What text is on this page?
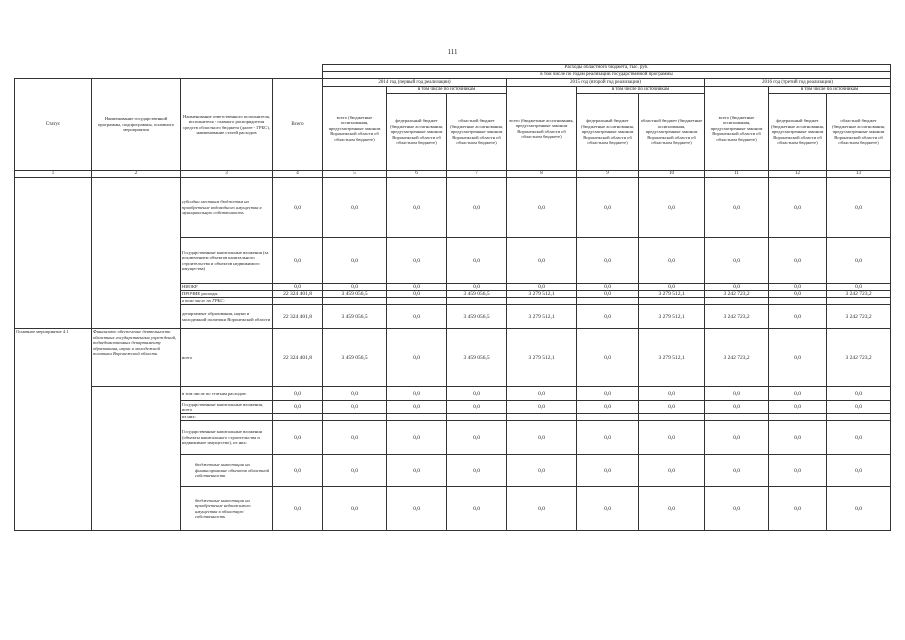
111
				Расходы областного бюджета, тыс. руб.								
				в том числе по годам реализации государственной программы								
Статус	Наименование государственной программы, подпрограммы, основного мероприятия	Наименование ответственного исполнителя, исполнителя - главного распорядителя средств областного бюджета (далее - ГРБС), наименование статей расходов	Всего	2014 год (первый год реализации)			2015 год (второй год реализации)			2016 год (третий год реализации)		
				всего (бюджетные ассигнования, предусмотренные законом Воронежской области об областном бюджете)	в том числе по источникам		всего (бюджетные ассигнования, предусмотренные законом Воронежской области об областном бюджете)	в том числе по источникам		всего (бюджетные ассигнования, предусмотренные законом Воронежской области об областном бюджете)	в том числе по источникам	
					федеральный бюджет (бюджетные ассигнования, предусмотренные законом Воронежской области об областном бюджете)	областной бюджет (бюджетные ассигнования, предусмотренные законом Воронежской области об областном бюджете)		федеральный бюджет (бюджетные ассигнования, предусмотренные законом Воронежской области об областном бюджете)	областной бюджет (бюджетные ассигнования, предусмотренные законом Воронежской области об областном бюджете)		федеральный бюджет (бюджетные ассигнования, предусмотренные законом Воронежской области об областном бюджете)	областной бюджет (бюджетные ассигнования, предусмотренные законом Воронежской области об областном бюджете)
1	2	3	4	5	6	7	8	9	10	11	12	13
		субсидии местным бюджетам на приобретение водоводного имущества в муниципальную собственность	0,0	0,0	0,0	0,0	0,0	0,0	0,0	0,0	0,0	0,0
		Государственные капитальные вложения (за исключением объектов капитального строительства и объектов недвижимого имущества)	0,0	0,0	0,0	0,0	0,0	0,0	0,0	0,0	0,0	0,0
		НИОКР	0,0	0,0	0,0	0,0	0,0	0,0	0,0	0,0	0,0	0,0
		ПРОЧИЕ расходы	22 324 401,8	3 459 056,5	0,0	3 459 056,5	3 279 512,1	0,0	3 279 512,1	3 242 723,2	0,0	3 242 723,2
		в том числе по ГРБС:										
		департамент образования, науки и молодежной политики Воронежской области	22 324 401,8	3 459 056,5	0,0	3 459 056,5	3 279 512,1	0,0	3 279 512,1	3 242 723,2	0,0	3 242 723,2
Основное мероприятие 4.1	Финансовое обеспечение деятельности областных государственных учреждений, подведомственных департаменту образования, науки и молодежной политики Воронежской области	всего	22 324 401,8	3 459 056,5	0,0	3 459 056,5	3 279 512,1	0,0	3 279 512,1	3 242 723,2	0,0	3 242 723,2
		в том числе по статьям расходов:	0,0	0,0	0,0	0,0	0,0	0,0	0,0	0,0	0,0	0,0
		Государственные капитальные вложения, всего	0,0	0,0	0,0	0,0	0,0	0,0	0,0	0,0	0,0	0,0
		из них:										
		Государственные капитальные вложения (объекты капитального строительства и недвижимое имущество), из них:	0,0	0,0	0,0	0,0	0,0	0,0	0,0	0,0	0,0	0,0
		бюджетные инвестиции на финансирование объектов областной собственности	0,0	0,0	0,0	0,0	0,0	0,0	0,0	0,0	0,0	0,0
		бюджетные инвестиции на приобретение недвижимого имущества в областную собственность	0,0	0,0	0,0	0,0	0,0	0,0	0,0	0,0	0,0	0,0
